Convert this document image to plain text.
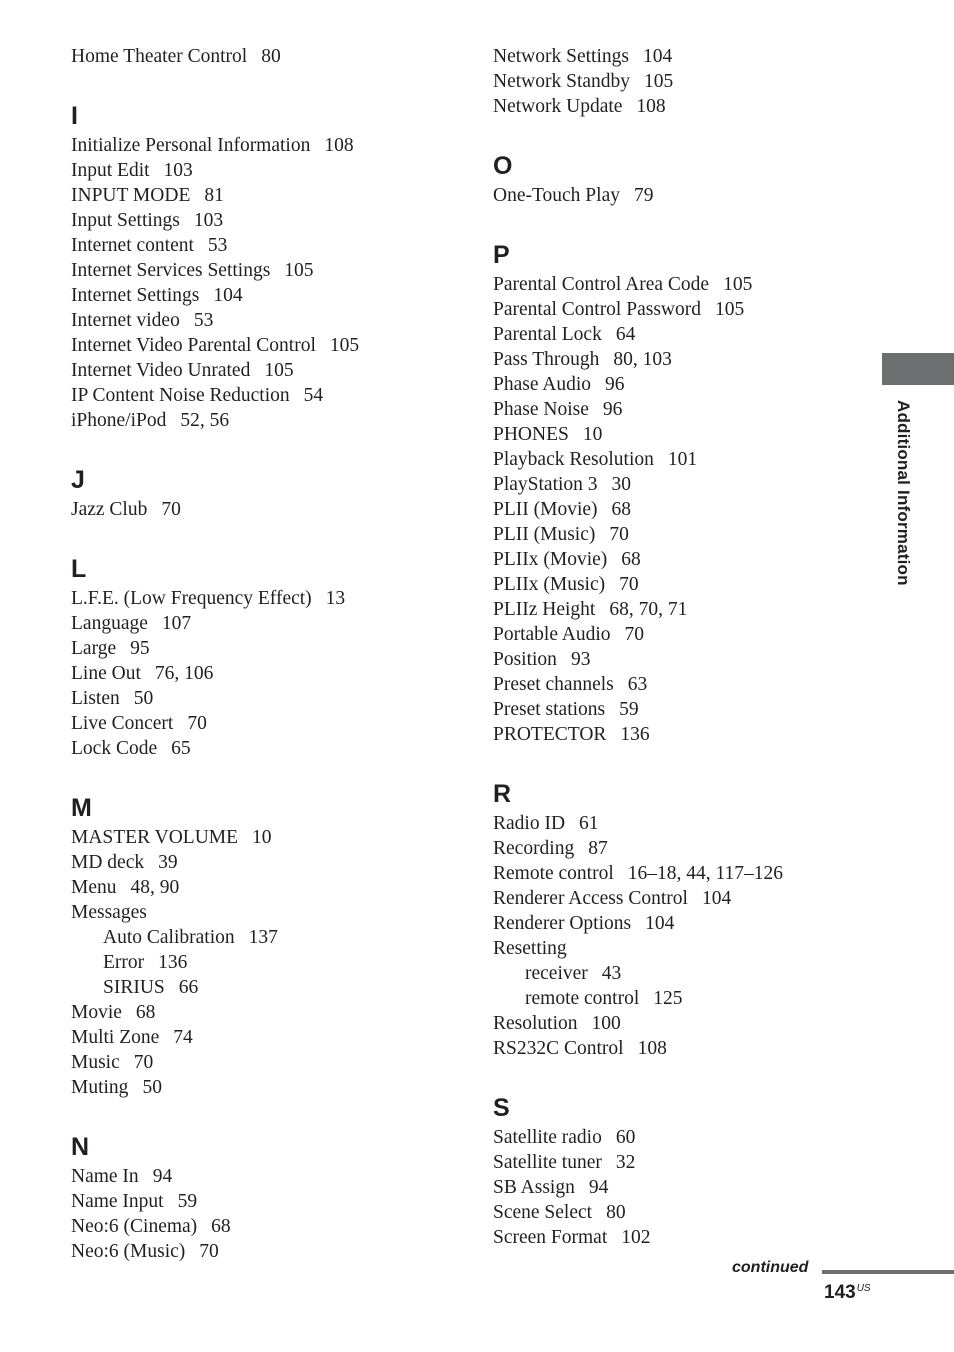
Home Theater Control 80
I
Initialize Personal Information 108
Input Edit 103
INPUT MODE 81
Input Settings 103
Internet content 53
Internet Services Settings 105
Internet Settings 104
Internet video 53
Internet Video Parental Control 105
Internet Video Unrated 105
IP Content Noise Reduction 54
iPhone/iPod 52, 56
J
Jazz Club 70
L
L.F.E. (Low Frequency Effect) 13
Language 107
Large 95
Line Out 76, 106
Listen 50
Live Concert 70
Lock Code 65
M
MASTER VOLUME 10
MD deck 39
Menu 48, 90
Messages
Auto Calibration 137
Error 136
SIRIUS 66
Movie 68
Multi Zone 74
Music 70
Muting 50
N
Name In 94
Name Input 59
Neo:6 (Cinema) 68
Neo:6 (Music) 70
Network Settings 104
Network Standby 105
Network Update 108
O
One-Touch Play 79
P
Parental Control Area Code 105
Parental Control Password 105
Parental Lock 64
Pass Through 80, 103
Phase Audio 96
Phase Noise 96
PHONES 10
Playback Resolution 101
PlayStation 3 30
PLII (Movie) 68
PLII (Music) 70
PLIIx (Movie) 68
PLIIx (Music) 70
PLIIz Height 68, 70, 71
Portable Audio 70
Position 93
Preset channels 63
Preset stations 59
PROTECTOR 136
R
Radio ID 61
Recording 87
Remote control 16–18, 44, 117–126
Renderer Access Control 104
Renderer Options 104
Resetting
receiver 43
remote control 125
Resolution 100
RS232C Control 108
S
Satellite radio 60
Satellite tuner 32
SB Assign 94
Scene Select 80
Screen Format 102
Additional Information
continued
$143^{US}$
